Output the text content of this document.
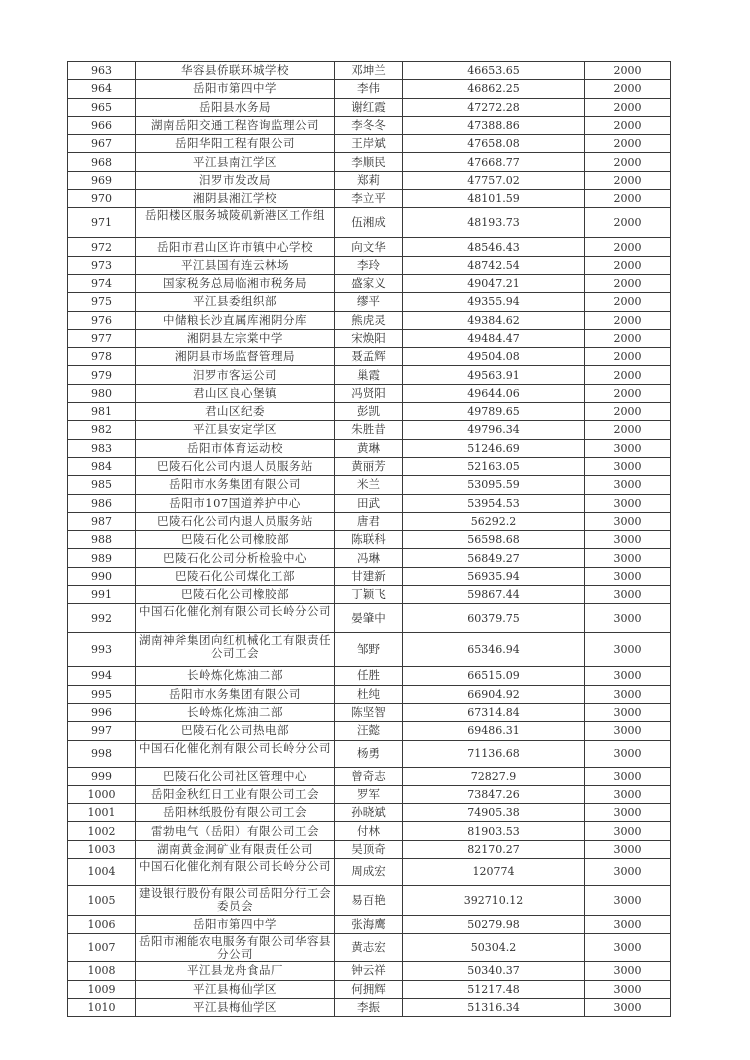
963	华容县侨联环城学校	邓坤兰	46653.65	2000
964	岳阳市第四中学	李伟	46862.25	2000
965	岳阳县水务局	谢红霞	47272.28	2000
966	湖南岳阳交通工程咨询监理公司	李冬冬	47388.86	2000
967	岳阳华阳工程有限公司	王岸斌	47658.08	2000
968	平江县南江学区	李顺民	47668.77	2000
969	汨罗市发改局	郑莉	47757.02	2000
970	湘阴县湘江学校	李立平	48101.59	2000
971	岳阳楼区服务城陵矶新港区工作组	伍湘成	48193.73	2000
972	岳阳市君山区许市镇中心学校	向文华	48546.43	2000
973	平江县国有连云林场	李玲	48742.54	2000
974	国家税务总局临湘市税务局	盛家义	49047.21	2000
975	平江县委组织部	缪平	49355.94	2000
976	中储粮长沙直属库湘阴分库	熊虎灵	49384.62	2000
977	湘阴县左宗棠中学	宋焕阳	49484.47	2000
978	湘阴县市场监督管理局	聂孟辉	49504.08	2000
979	汨罗市客运公司	巢霞	49563.91	2000
980	君山区良心堡镇	冯贤阳	49644.06	2000
981	君山区纪委	彭凯	49789.65	2000
982	平江县安定学区	朱胜昔	49796.34	2000
983	岳阳市体育运动校	黄琳	51246.69	3000
984	巴陵石化公司内退人员服务站	黄丽芳	52163.05	3000
985	岳阳市水务集团有限公司	米兰	53095.59	3000
986	岳阳市107国道养护中心	田武	53954.53	3000
987	巴陵石化公司内退人员服务站	唐君	56292.2	3000
988	巴陵石化公司橡胶部	陈联科	56598.68	3000
989	巴陵石化公司分析检验中心	冯琳	56849.27	3000
990	巴陵石化公司煤化工部	甘建新	56935.94	3000
991	巴陵石化公司橡胶部	丁颖飞	59867.44	3000
992	中国石化催化剂有限公司长岭分公司	晏肇中	60379.75	3000
993	湖南神斧集团向红机械化工有限责任公司工会	邹野	65346.94	3000
994	长岭炼化炼油二部	任胜	66515.09	3000
995	岳阳市水务集团有限公司	杜纯	66904.92	3000
996	长岭炼化炼油二部	陈坚智	67314.84	3000
997	巴陵石化公司热电部	汪懿	69486.31	3000
998	中国石化催化剂有限公司长岭分公司	杨勇	71136.68	3000
999	巴陵石化公司社区管理中心	曾奇志	72827.9	3000
1000	岳阳金秋红日工业有限公司工会	罗军	73847.26	3000
1001	岳阳林纸股份有限公司工会	孙晓斌	74905.38	3000
1002	雷勃电气（岳阳）有限公司工会	付林	81903.53	3000
1003	湖南黄金洞矿业有限责任公司	吴顶奇	82170.27	3000
1004	中国石化催化剂有限公司长岭分公司	周成宏	120774	3000
1005	建设银行股份有限公司岳阳分行工会委员会	易百艳	392710.12	3000
1006	岳阳市第四中学	张海鹰	50279.98	3000
1007	岳阳市湘能农电服务有限公司华容县分公司	黄志宏	50304.2	3000
1008	平江县龙舟食品厂	钟云祥	50340.37	3000
1009	平江县梅仙学区	何拥辉	51217.48	3000
1010	平江县梅仙学区	李振	51316.34	3000
